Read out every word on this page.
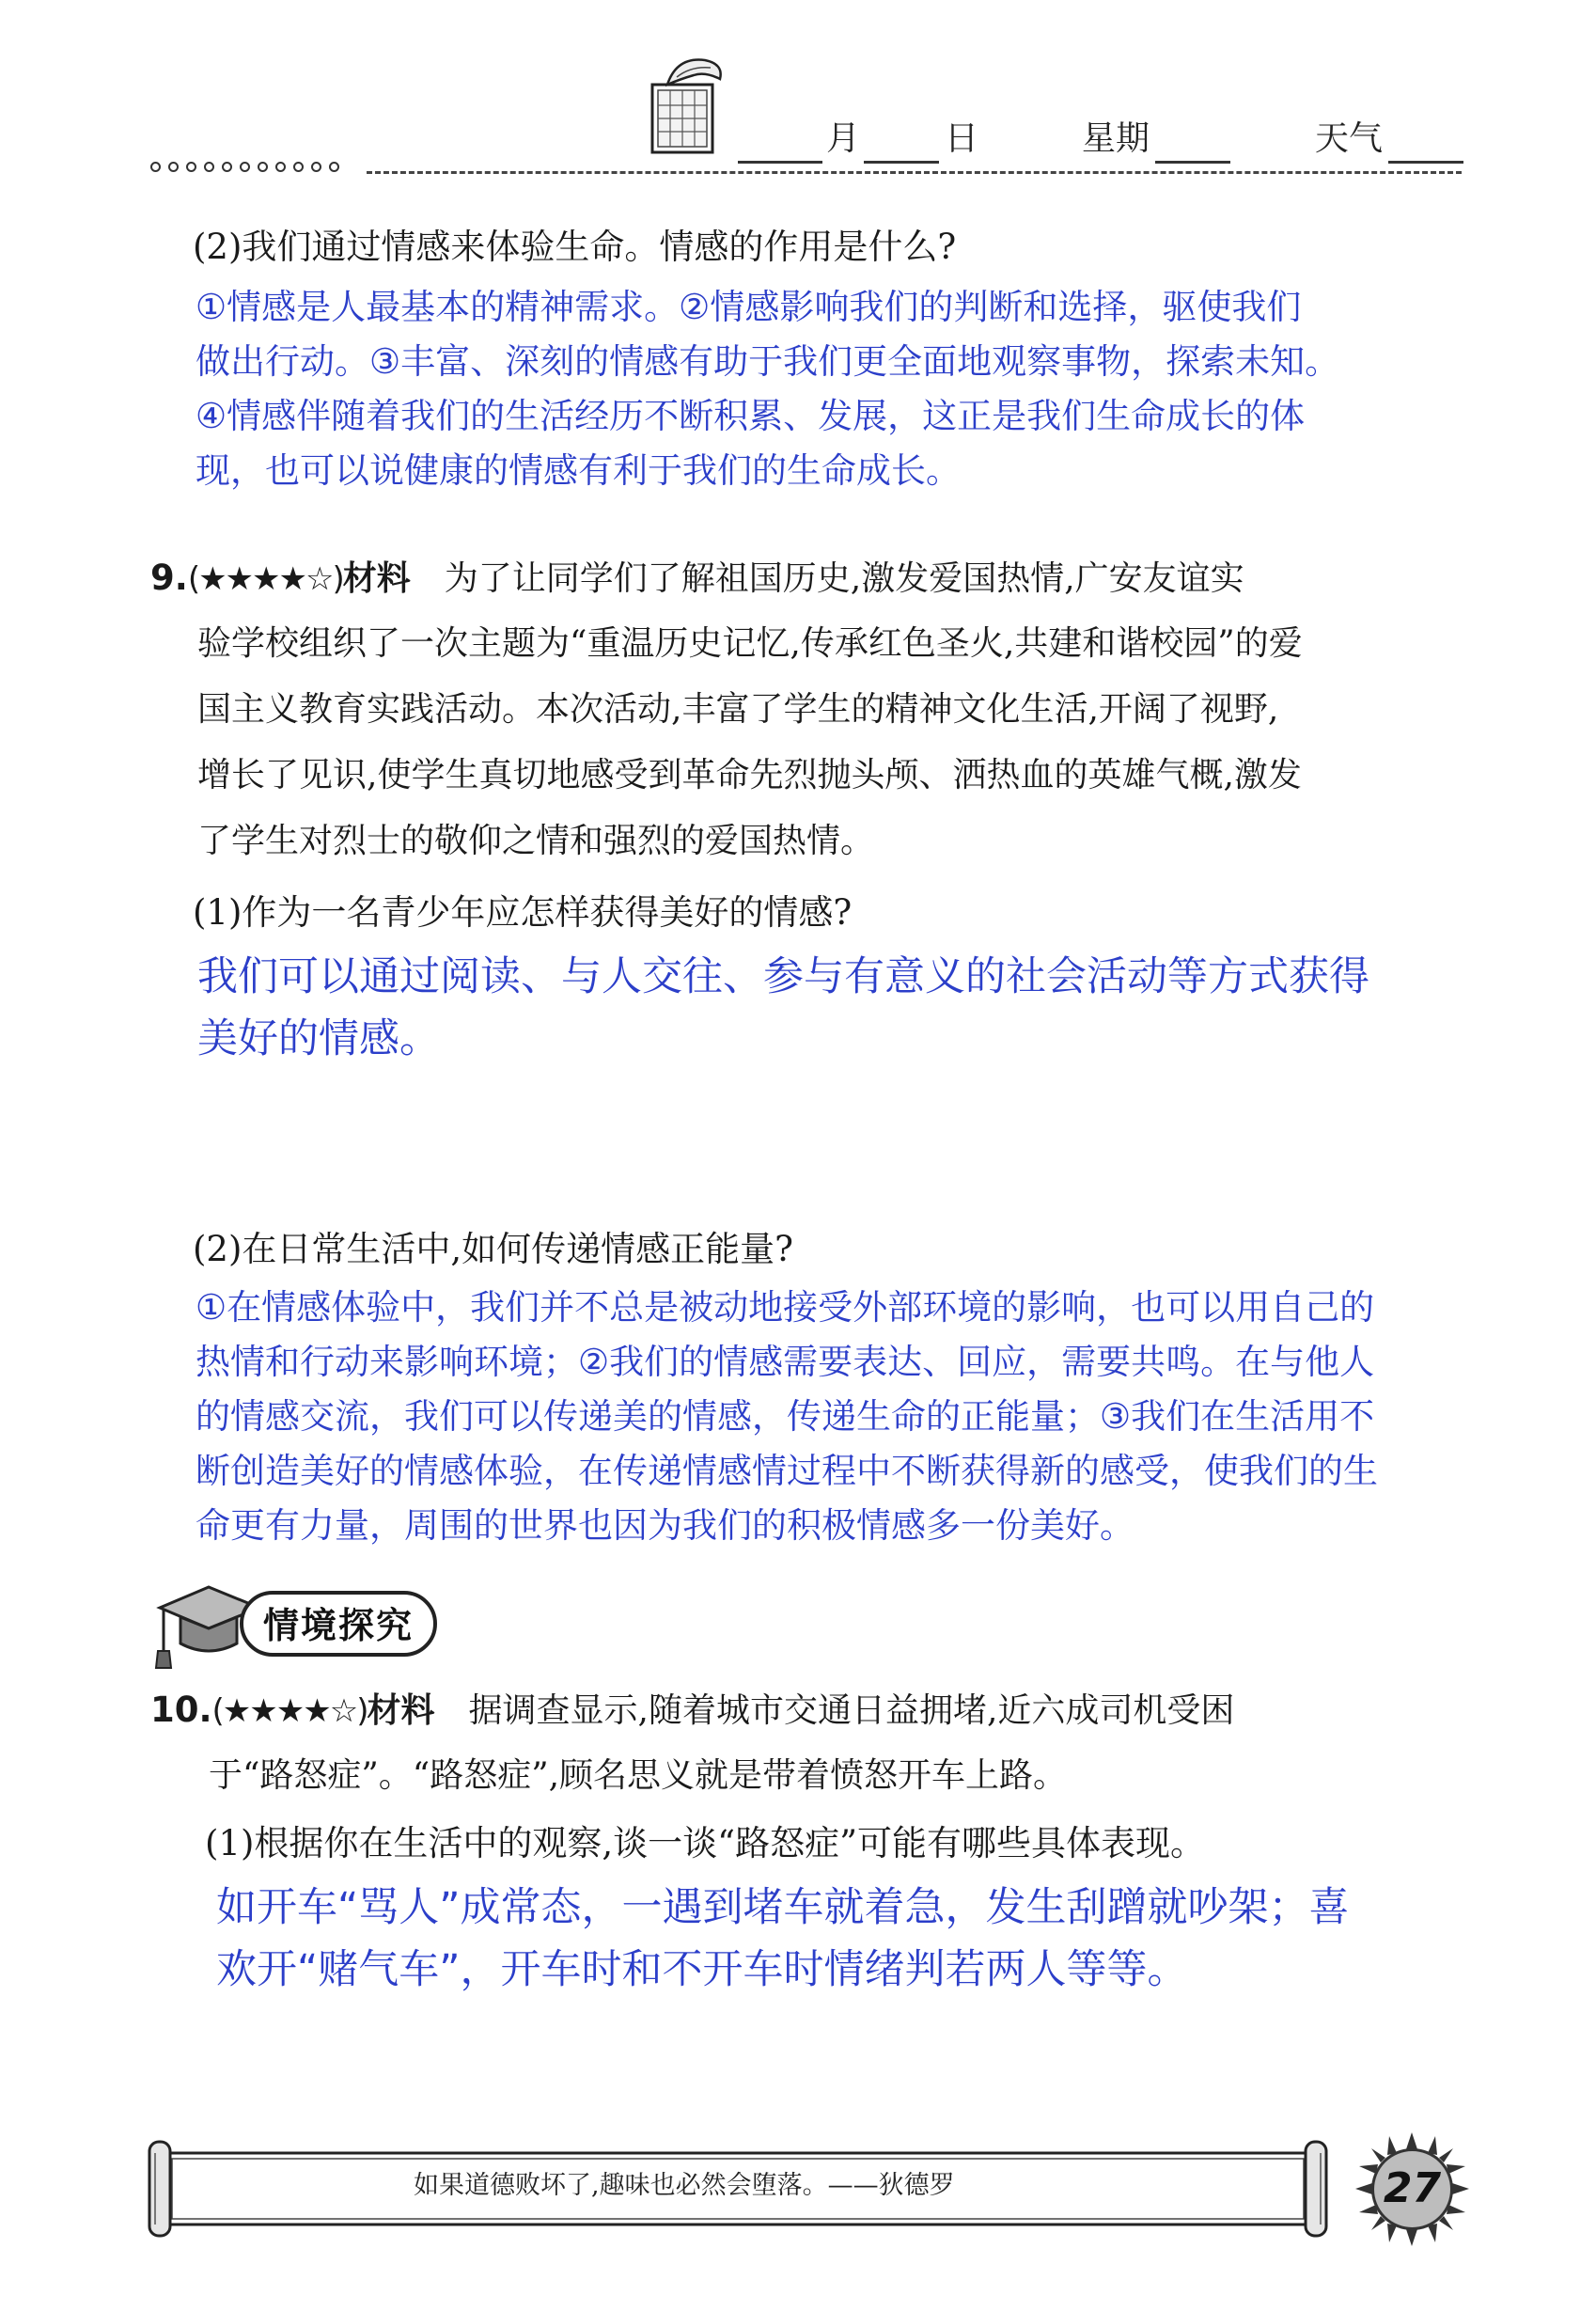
月	日	星期	天气
(2)我们通过情感来体验生命。情感的作用是什么?
①情感是人最基本的精神需求。②情感影响我们的判断和选择，驱使我们
做出行动。③丰富、深刻的情感有助于我们更全面地观察事物，探索未知。
④情感伴随着我们的生活经历不断积累、发展，这正是我们生命成长的体
现，也可以说健康的情感有利于我们的生命成长。
9.(★★★★☆)材料 为了让同学们了解祖国历史,激发爱国热情,广安友谊实
验学校组织了一次主题为“重温历史记忆,传承红色圣火,共建和谐校园”的爱
国主义教育实践活动。本次活动,丰富了学生的精神文化生活,开阔了视野,
增长了见识,使学生真切地感受到革命先烈抛头颅、洒热血的英雄气概,激发
了学生对烈士的敬仰之情和强烈的爱国热情。
(1)作为一名青少年应怎样获得美好的情感?
我们可以通过阅读、与人交往、参与有意义的社会活动等方式获得
美好的情感。
(2)在日常生活中,如何传递情感正能量?
①在情感体验中，我们并不总是被动地接受外部环境的影响，也可以用自己的
热情和行动来影响环境；②我们的情感需要表达、回应，需要共鸣。在与他人
的情感交流，我们可以传递美的情感，传递生命的正能量；③我们在生活用不
断创造美好的情感体验，在传递情感情过程中不断获得新的感受，使我们的生
命更有力量，周围的世界也因为我们的积极情感多一份美好。
情境探究
10.(★★★★☆)材料 据调查显示,随着城市交通日益拥堵,近六成司机受困
于“路怒症”。“路怒症”,顾名思义就是带着愤怒开车上路。
(1)根据你在生活中的观察,谈一谈“路怒症”可能有哪些具体表现。
如开车“骂人”成常态，一遇到堵车就着急，发生刮蹭就吵架；喜
欢开“赌气车”，开车时和不开车时情绪判若两人等等。
如果道德败坏了,趣味也必然会堕落。——狄德罗	27
